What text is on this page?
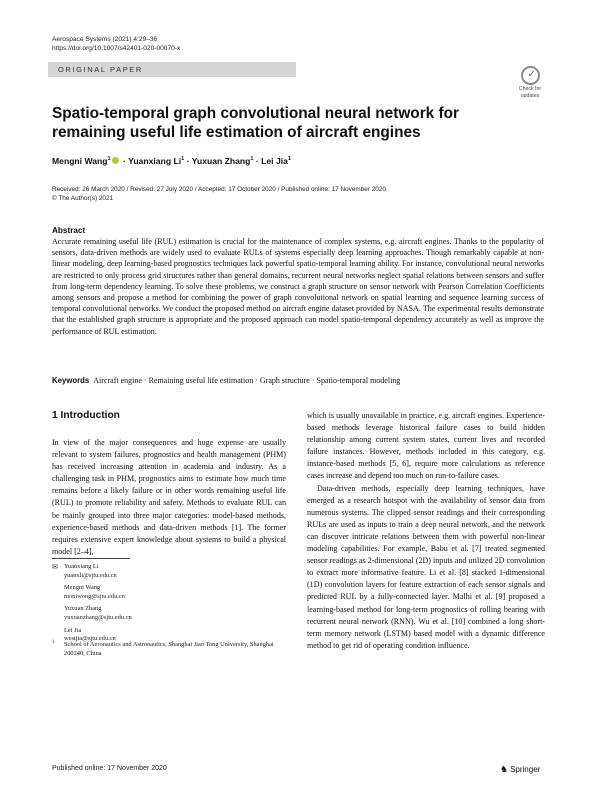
Aerospace Systems (2021) 4:29–36
https://doi.org/10.1007/s42401-020-00070-x
ORIGINAL PAPER	✓
Check for
updates
Spatio-temporal graph convolutional neural network for remaining useful life estimation of aircraft engines
Mengni Wang$^1$ · Yuanxiang $Li^1$ · Yuxuan Zhang$^1$ · Lei Jia$^1$
Received: 26 March 2020 / Revised: 27 July 2020 / Accepted: 17 October 2020 / Published online: 17 November 2020
© The Author(s) 2021
Abstract
Accurate remaining useful life (RUL) estimation is crucial for the maintenance of complex systems, e.g. aircraft engines. Thanks to the popularity of sensors, data-driven methods are widely used to evaluate RULs of systems especially deep learning approaches. Though remarkably capable at non-linear modeling, deep learning-based prognostics techniques lack powerful spatio-temporal learning ability. For instance, convolutional neural networks are restricted to only process grid structures rather than general domains, recurrent neural networks neglect spatial relations between sensors and suffer from long-term dependency learning. To solve these problems, we construct a graph structure on sensor network with Pearson Correlation Coefficients among sensors and propose a method for combining the power of graph convolutional network on spatial learning and sequence learning success of temporal convolutional networks. We conduct the proposed method on aircraft engine dataset provided by NASA. The experimental results demonstrate that the established graph structure is appropriate and the proposed approach can model spatio-temporal dependency accurately as well as improve the performance of RUL estimation.
Keywords Aircraft engine · Remaining useful life estimation · Graph structure · Spatio-temporal modeling
1 Introduction

In view of the major consequences and huge expense are usually relevant to system failures, prognostics and health management (PHM) has received increasing attention in academia and industry. As a challenging task in PHM, prognostics aims to estimate how much time remains before a likely failure or in other words remaining useful life (RUL) to promote reliability and safety. Methods to evaluate RUL can be mainly grouped into three major categories: model-based methods, experience-based methods and data-driven methods [1]. The former requires extensive expert knowledge about systems to build a physical model [2–4],

which is usually unavailable in practice, e.g. aircraft engines. Experience-based methods leverage historical failure cases to build hidden relationship among current system states, current lives and recorded failure instances. However, methods included in this category, e.g. instance-based methods [5, 6], require more calculations as reference cases increase and depend too much on run-to-failure cases.

Data-driven methods, especially deep learning techniques, have emerged as a research hotspot with the availability of sensor data from numerous systems. The clipped sensor readings and their corresponding RULs are used as inputs to train a deep neural network, and the network can discover intricate relations between them with powerful non-linear modeling capabilities. For example, Babu et al. [7] treated segmented sensor readings as 2-dimensional (2D) inputs and utilized 2D convolution to extract more informative feature. Li et al. [8] stacked 1-dimensional (1D) convolution layers for feature extraction of each sensor signals and predicted RUL by a fully-connected layer. Malhi et al. [9] proposed a learning-based method for long-term prognostics of rolling bearing with recurrent neural network (RNN). Wu et al. [10] combined a long short-term memory network (LSTM) based model with a dynamic difference method to get rid of operating condition influence.

✉ Yuanxiang Li
yuanxli@sjtu.edu.cn
Mengni Wang
moniwong@sjtu.edu.cn
Yuxuan Zhang
yuxuanzhang@sjtu.edu.cn
Lei Jia
westjia@sjtu.edu.cn
1 School of Aeronautics and Astronautics, Shanghai Jiao Tong University, Shanghai 200240, China
Published online: 17 November 2020	♞ Springer
